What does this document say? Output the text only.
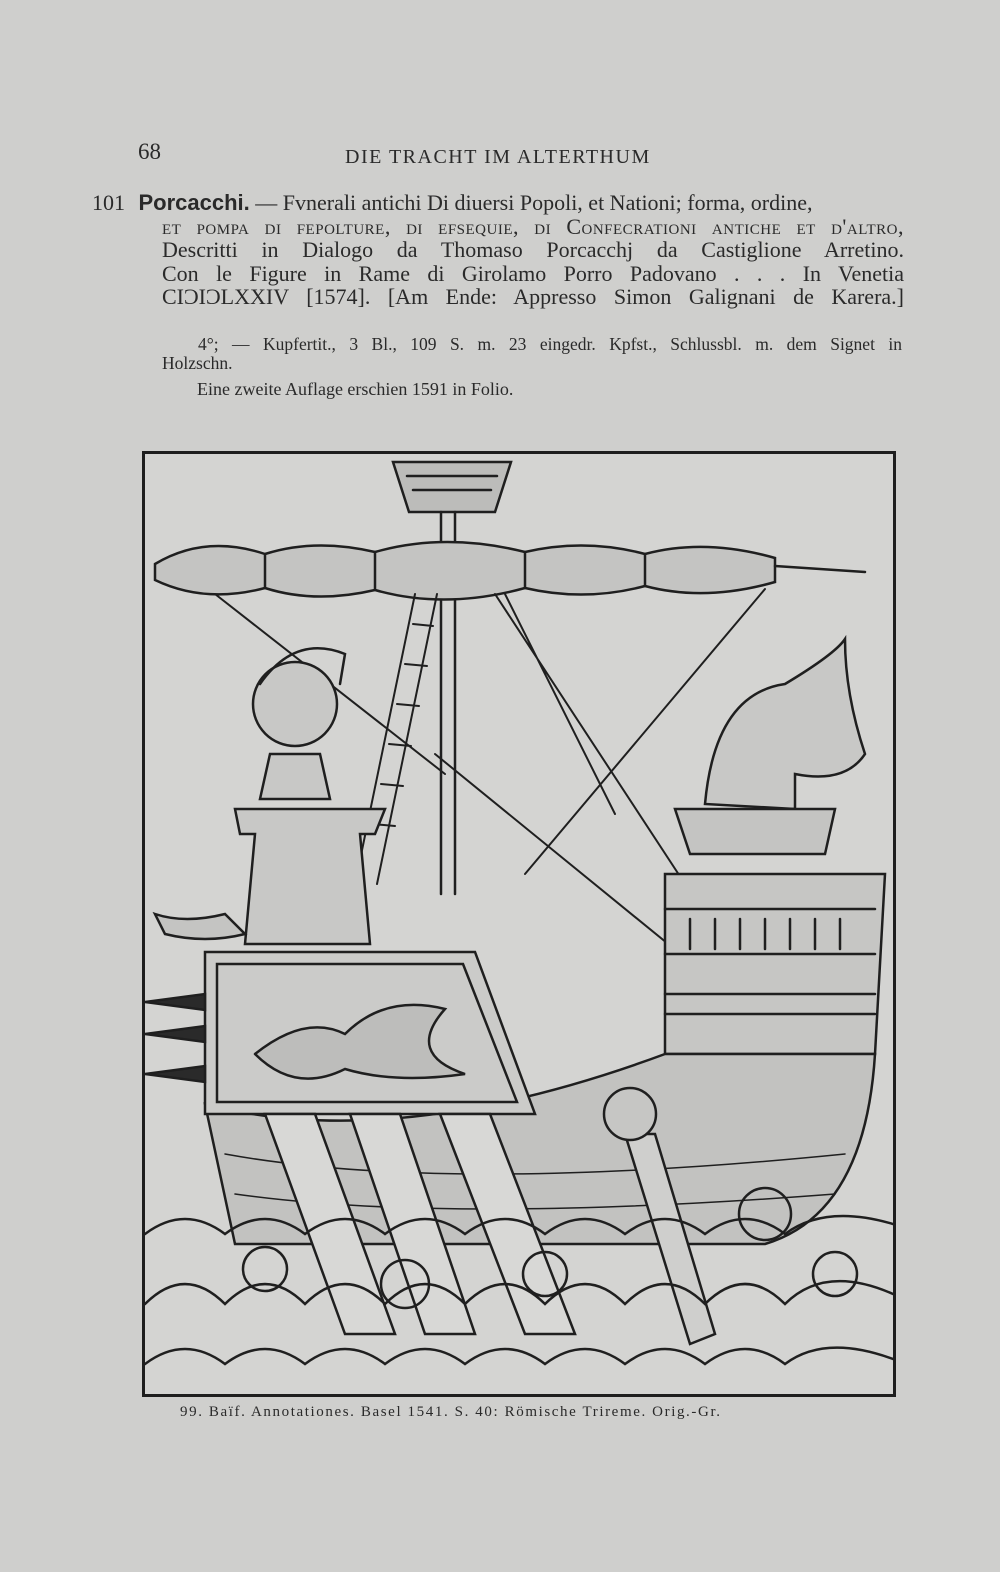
68	DIE TRACHT IM ALTERTHUM

101 Porcacchi. — Fvnerali antichi Di diuersi Popoli, et Nationi; forma, ordine,

et pompa di fepolture, di efsequie, di Confecrationi antiche et d'altro,

Descritti in Dialogo da Thomaso Porcacchj da Castiglione Arretino.

Con le Figure in Rame di Girolamo Porro Padovano . . . In Venetia

CIϽIϽLXXIV [1574]. [Am Ende: Appresso Simon Galignani de Karera.]

4°; — Kupfertit., 3 Bl., 109 S. m. 23 eingedr. Kpfst., Schlussbl. m. dem Signet in
Holzschn.
Eine zweite Auflage erschien 1591 in Folio.
99. Baïf. Annotationes. Basel 1541. S. 40: Römische Trireme. Orig.-Gr.
